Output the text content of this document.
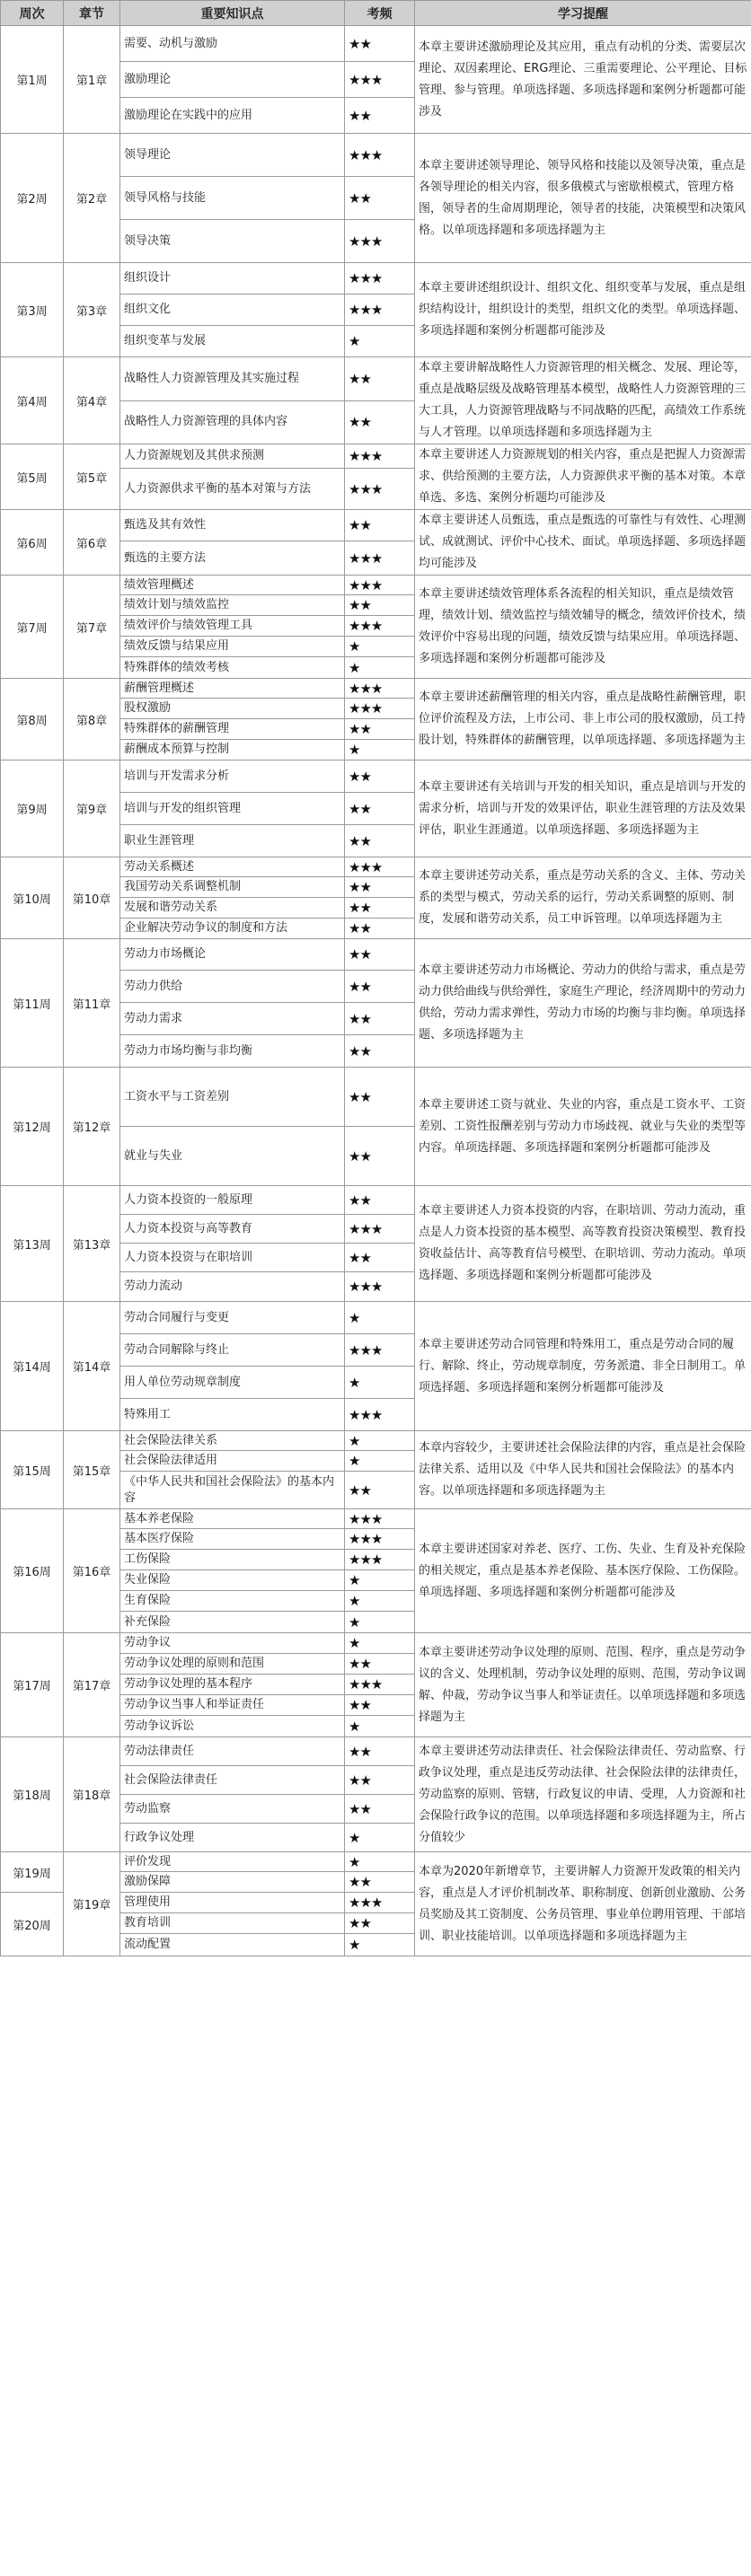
周次	章节	重要知识点	考频	学习提醒
第1周	第1章	需要、动机与激励	★★	本章主要讲述激励理论及其应用，重点有动机的分类、需要层次理论、双因素理论、ERG理论、三重需要理论、公平理论、目标管理、参与管理。单项选择题、多项选择题和案例分析题都可能涉及
		激励理论	★★★	
		激励理论在实践中的应用	★★	
第2周	第2章	领导理论	★★★	本章主要讲述领导理论、领导风格和技能以及领导决策，重点是各领导理论的相关内容，很多俄模式与密歇根模式，管理方格图，领导者的生命周期理论，领导者的技能，决策模型和决策风格。以单项选择题和多项选择题为主
		领导风格与技能	★★	
		领导决策	★★★	
第3周	第3章	组织设计	★★★	本章主要讲述组织设计、组织文化、组织变革与发展，重点是组织结构设计，组织设计的类型，组织文化的类型。单项选择题、多项选择题和案例分析题都可能涉及
		组织文化	★★★	
		组织变革与发展	★	
第4周	第4章	战略性人力资源管理及其实施过程	★★	本章主要讲解战略性人力资源管理的相关概念、发展、理论等，重点是战略层级及战略管理基本模型，战略性人力资源管理的三大工具，人力资源管理战略与不同战略的匹配，高绩效工作系统与人才管理。以单项选择题和多项选择题为主
		战略性人力资源管理的具体内容	★★	
第5周	第5章	人力资源规划及其供求预测	★★★	本章主要讲述人力资源规划的相关内容，重点是把握人力资源需求、供给预测的主要方法，人力资源供求平衡的基本对策。本章单选、多选、案例分析题均可能涉及
		人力资源供求平衡的基本对策与方法	★★★	
第6周	第6章	甄选及其有效性	★★	本章主要讲述人员甄选，重点是甄选的可靠性与有效性、心理测试、成就测试、评价中心技术、面试。单项选择题、多项选择题均可能涉及
		甄选的主要方法	★★★	
第7周	第7章	绩效管理概述	★★★	本章主要讲述绩效管理体系各流程的相关知识，重点是绩效管理，绩效计划、绩效监控与绩效辅导的概念，绩效评价技术，绩效评价中容易出现的问题，绩效反馈与结果应用。单项选择题、多项选择题和案例分析题都可能涉及
		绩效计划与绩效监控	★★	
		绩效评价与绩效管理工具	★★★	
		绩效反馈与结果应用	★	
		特殊群体的绩效考核	★	
第8周	第8章	薪酬管理概述	★★★	本章主要讲述薪酬管理的相关内容，重点是战略性薪酬管理，职位评价流程及方法，上市公司、非上市公司的股权激励，员工持股计划，特殊群体的薪酬管理，以单项选择题、多项选择题为主
		股权激励	★★★	
		特殊群体的薪酬管理	★★	
		薪酬成本预算与控制	★	
第9周	第9章	培训与开发需求分析	★★	本章主要讲述有关培训与开发的相关知识，重点是培训与开发的需求分析，培训与开发的效果评估，职业生涯管理的方法及效果评估，职业生涯通道。以单项选择题、多项选择题为主
		培训与开发的组织管理	★★	
		职业生涯管理	★★	
第10周	第10章	劳动关系概述	★★★	本章主要讲述劳动关系，重点是劳动关系的含义、主体、劳动关系的类型与模式，劳动关系的运行，劳动关系调整的原则、制度，发展和谐劳动关系，员工申诉管理。以单项选择题为主
		我国劳动关系调整机制	★★	
		发展和谐劳动关系	★★	
		企业解决劳动争议的制度和方法	★★	
第11周	第11章	劳动力市场概论	★★	本章主要讲述劳动力市场概论、劳动力的供给与需求，重点是劳动力供给曲线与供给弹性，家庭生产理论，经济周期中的劳动力供给，劳动力需求弹性，劳动力市场的均衡与非均衡。单项选择题、多项选择题为主
		劳动力供给	★★	
		劳动力需求	★★	
		劳动力市场均衡与非均衡	★★	
第12周	第12章	工资水平与工资差别	★★	本章主要讲述工资与就业、失业的内容，重点是工资水平、工资差别、工资性报酬差别与劳动力市场歧视、就业与失业的类型等内容。单项选择题、多项选择题和案例分析题都可能涉及
		就业与失业	★★	
第13周	第13章	人力资本投资的一般原理	★★	本章主要讲述人力资本投资的内容，在职培训、劳动力流动，重点是人力资本投资的基本模型、高等教育投资决策模型、教育投资收益估计、高等教育信号模型、在职培训、劳动力流动。单项选择题、多项选择题和案例分析题都可能涉及
		人力资本投资与高等教育	★★★	
		人力资本投资与在职培训	★★	
		劳动力流动	★★★	
第14周	第14章	劳动合同履行与变更	★	本章主要讲述劳动合同管理和特殊用工，重点是劳动合同的履行、解除、终止，劳动规章制度，劳务派遣、非全日制用工。单项选择题、多项选择题和案例分析题都可能涉及
		劳动合同解除与终止	★★★	
		用人单位劳动规章制度	★	
		特殊用工	★★★	
第15周	第15章	社会保险法律关系	★	本章内容较少，主要讲述社会保险法律的内容，重点是社会保险法律关系、适用以及《中华人民共和国社会保险法》的基本内容。以单项选择题和多项选择题为主
		社会保险法律适用	★	
		《中华人民共和国社会保险法》的基本内容	★★	
第16周	第16章	基本养老保险	★★★	本章主要讲述国家对养老、医疗、工伤、失业、生育及补充保险的相关规定，重点是基本养老保险、基本医疗保险、工伤保险。单项选择题、多项选择题和案例分析题都可能涉及
		基本医疗保险	★★★	
		工伤保险	★★★	
		失业保险	★	
		生育保险	★	
		补充保险	★	
第17周	第17章	劳动争议	★	本章主要讲述劳动争议处理的原则、范围、程序，重点是劳动争议的含义、处理机制，劳动争议处理的原则、范围，劳动争议调解、仲裁，劳动争议当事人和举证责任。以单项选择题和多项选择题为主
		劳动争议处理的原则和范围	★★	
		劳动争议处理的基本程序	★★★	
		劳动争议当事人和举证责任	★★	
		劳动争议诉讼	★	
第18周	第18章	劳动法律责任	★★	本章主要讲述劳动法律责任、社会保险法律责任、劳动监察、行政争议处理，重点是违反劳动法律、社会保险法律的法律责任，劳动监察的原则、管辖，行政复议的申请、受理，人力资源和社会保险行政争议的范围。以单项选择题和多项选择题为主，所占分值较少
		社会保险法律责任	★★	
		劳动监察	★★	
		行政争议处理	★	
第19周	第19章	评价发现	★	本章为2020年新增章节，主要讲解人力资源开发政策的相关内容，重点是人才评价机制改革、职称制度、创新创业激励、公务员奖励及其工资制度、公务员管理、事业单位聘用管理、干部培训、职业技能培训。以单项选择题和多项选择题为主
		激励保障	★★	
第20周		管理使用	★★★	
		教育培训	★★	
		流动配置	★	
